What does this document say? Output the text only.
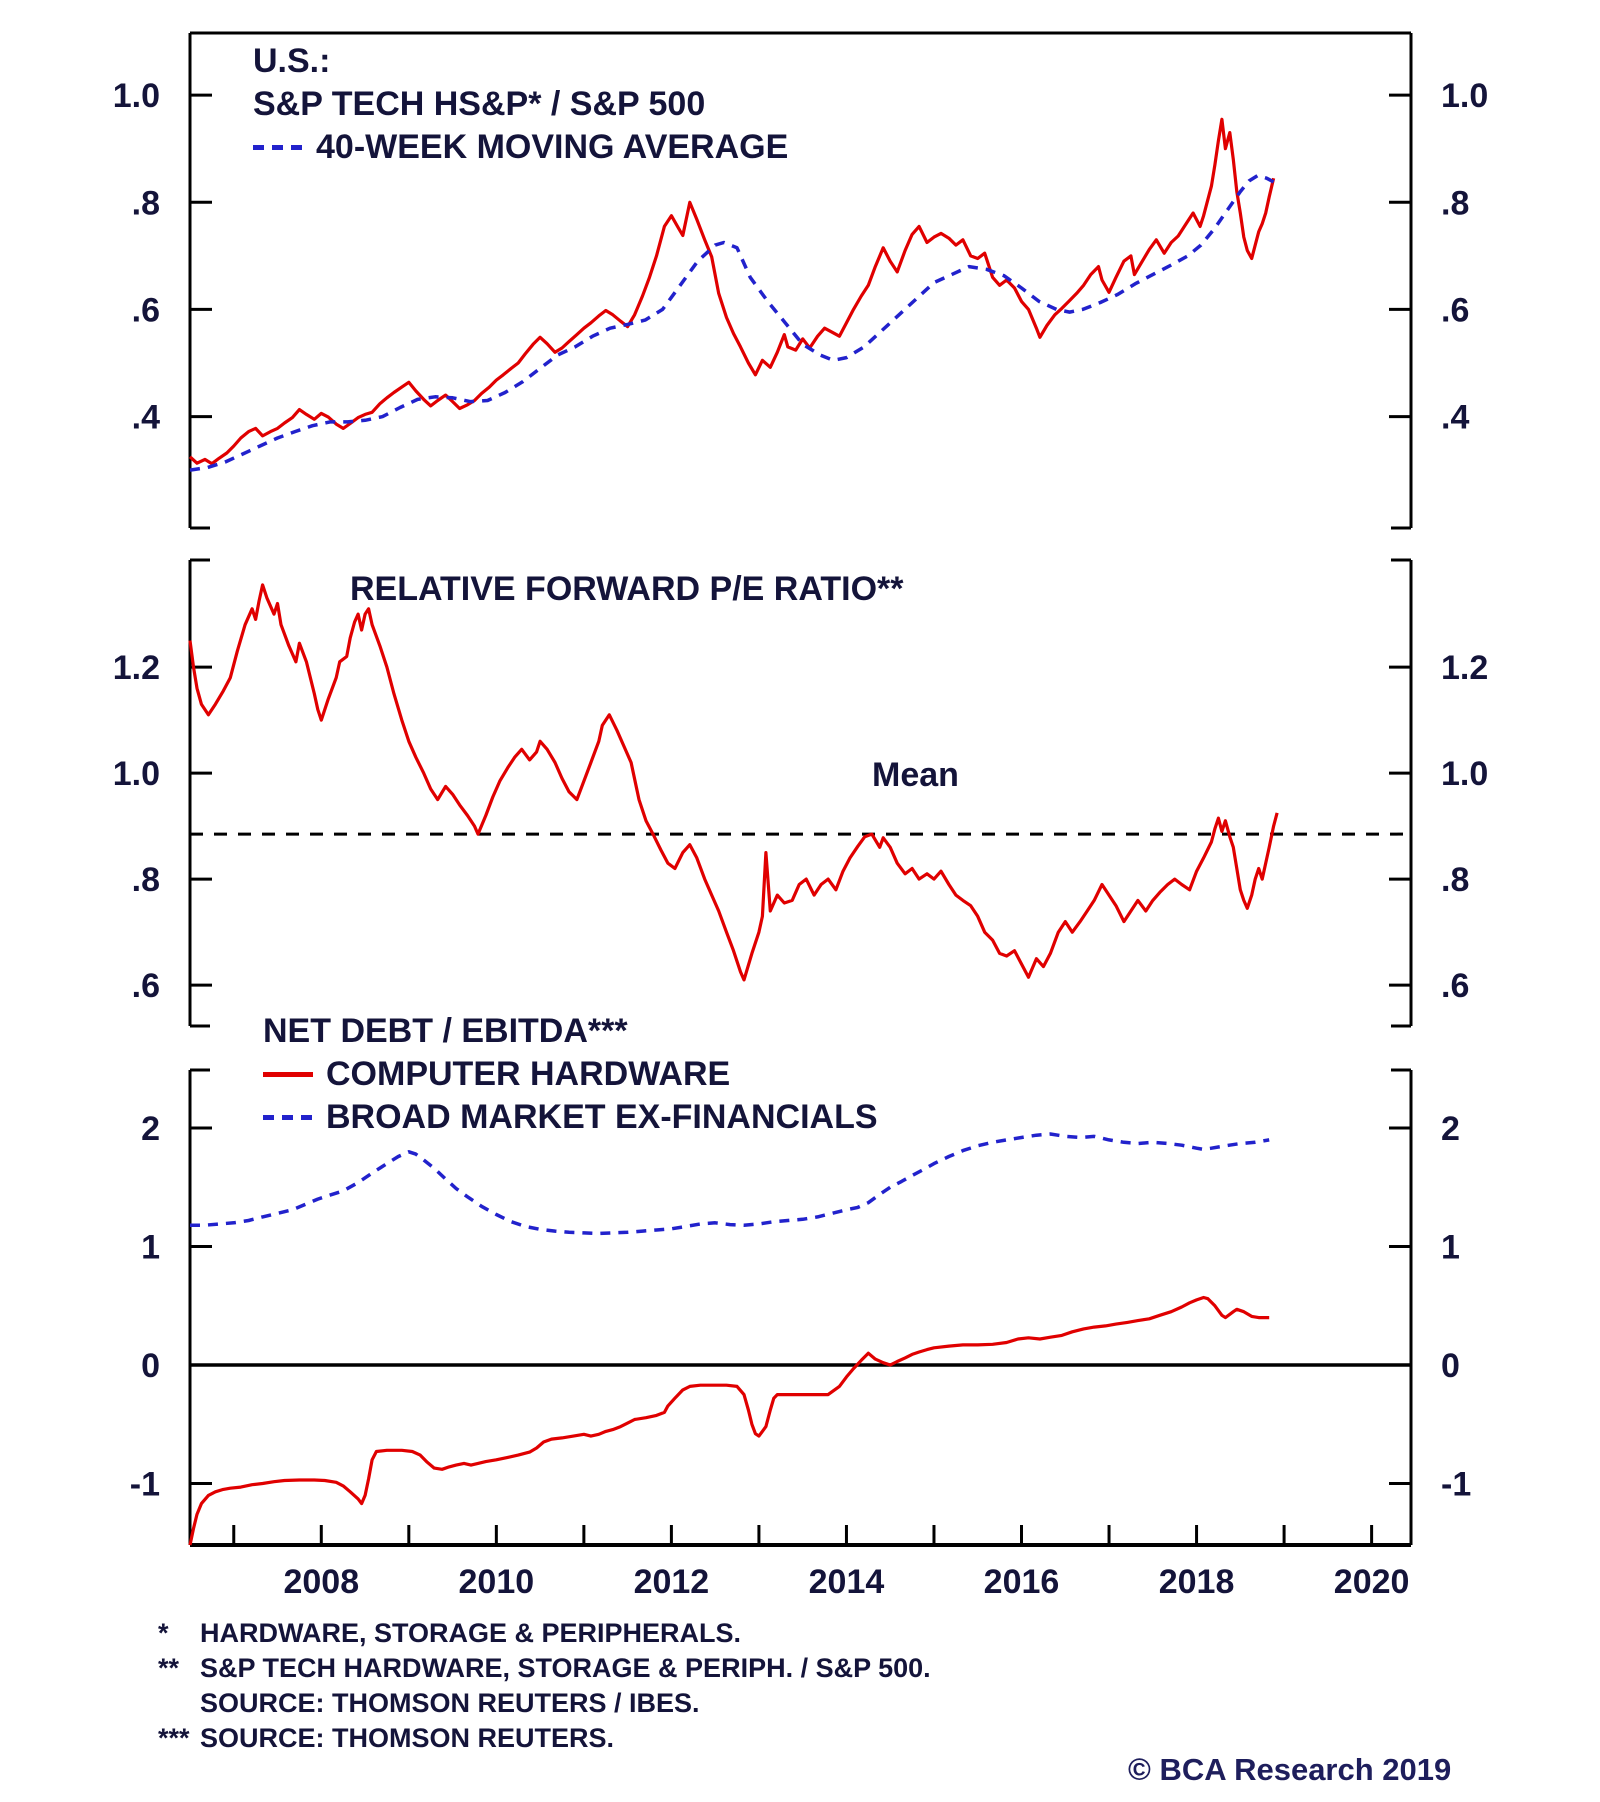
1.0	1.0
.8	.8
.6	.6
.4	.4
1.2	1.2
1.0	1.0
.8	.8
.6	.6
2008	2010	2012	2014	2016	2018	2020
2	2
1	1
0	0
-1	-1
U.S.:
S&P TECH HS&P* / S&P 500
40-WEEK MOVING AVERAGE
RELATIVE FORWARD P/E RATIO**
Mean
NET DEBT / EBITDA***
COMPUTER HARDWARE
BROAD MARKET EX-FINANCIALS
* HARDWARE, STORAGE & PERIPHERALS.
** S&P TECH HARDWARE, STORAGE & PERIPH. / S&P 500.
SOURCE: THOMSON REUTERS / IBES.
*** SOURCE: THOMSON REUTERS.
© BCA Research 2019
